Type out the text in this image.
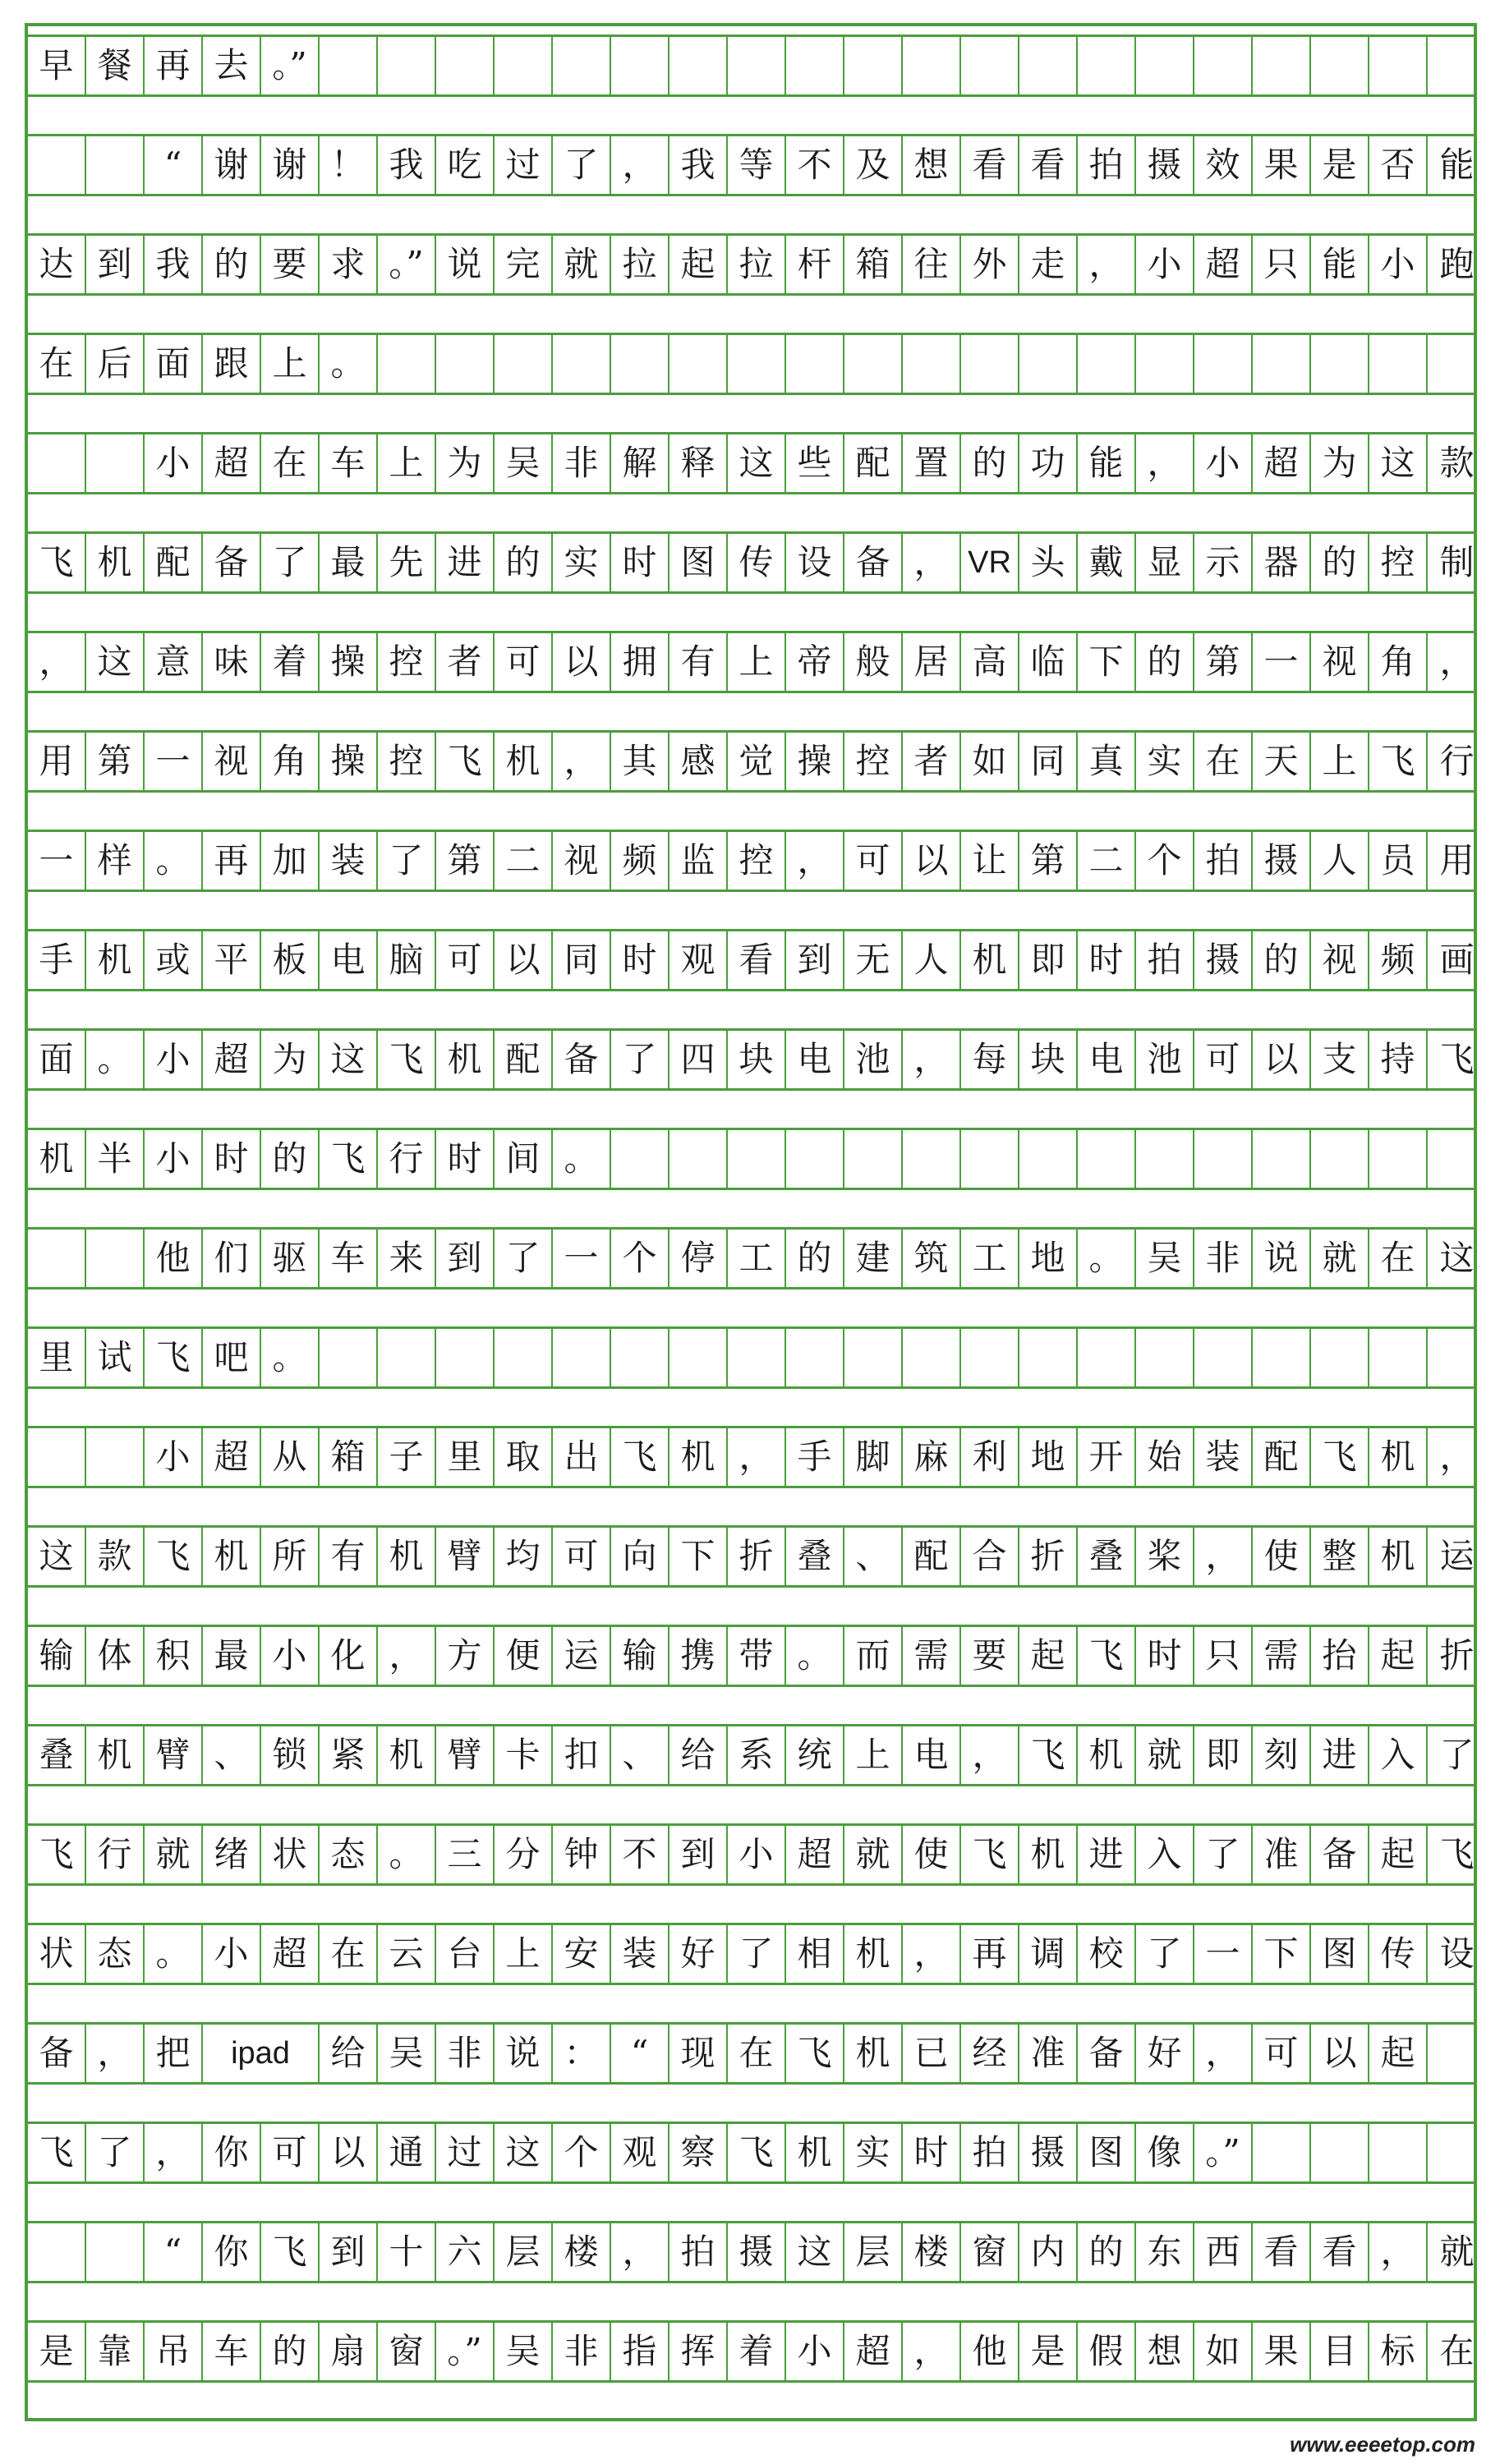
早 餐 再 去 。”
“ 谢 谢 ！ 我 吃 过 了 ， 我 等 不 及 想 看 看 拍 摄 效 果 是 否 能
达 到 我 的 要 求 。” 说 完 就 拉 起 拉 杆 箱 往 外 走 ， 小 超 只 能 小 跑
在 后 面 跟 上 。
小 超 在 车 上 为 吴 非 解 释 这 些 配 置 的 功 能 ， 小 超 为 这 款
飞 机 配 备 了 最 先 进 的 实 时 图 传 设 备 ， VR 头 戴 显 示 器 的 控 制
， 这 意 味 着 操 控 者 可 以 拥 有 上 帝 般 居 高 临 下 的 第 一 视 角 ，
用 第 一 视 角 操 控 飞 机 ， 其 感 觉 操 控 者 如 同 真 实 在 天 上 飞 行
一 样 。 再 加 装 了 第 二 视 频 监 控 ， 可 以 让 第 二 个 拍 摄 人 员 用
手 机 或 平 板 电 脑 可 以 同 时 观 看 到 无 人 机 即 时 拍 摄 的 视 频 画
面 。 小 超 为 这 飞 机 配 备 了 四 块 电 池 ， 每 块 电 池 可 以 支 持 飞
机 半 小 时 的 飞 行 时 间 。
他 们 驱 车 来 到 了 一 个 停 工 的 建 筑 工 地 。 吴 非 说 就 在 这
里 试 飞 吧 。
小 超 从 箱 子 里 取 出 飞 机 ， 手 脚 麻 利 地 开 始 装 配 飞 机 ，
这 款 飞 机 所 有 机 臂 均 可 向 下 折 叠 、 配 合 折 叠 桨 ， 使 整 机 运
输 体 积 最 小 化 ， 方 便 运 输 携 带 。 而 需 要 起 飞 时 只 需 抬 起 折
叠 机 臂 、 锁 紧 机 臂 卡 扣 、 给 系 统 上 电 ， 飞 机 就 即 刻 进 入 了
飞 行 就 绪 状 态 。 三 分 钟 不 到 小 超 就 使 飞 机 进 入 了 准 备 起 飞
状 态 。 小 超 在 云 台 上 安 装 好 了 相 机 ， 再 调 校 了 一 下 图 传 设
备 ， 把	ipad	给 吴 非 说 ： “ 现 在 飞 机 已 经 准 备 好 ， 可 以 起
飞 了 ， 你 可 以 通 过 这 个 观 察 飞 机 实 时 拍 摄 图 像 。”
“ 你 飞 到 十 六 层 楼 ， 拍 摄 这 层 楼 窗 内 的 东 西 看 看 ， 就
是 靠 吊 车 的 扇 窗 。” 吴 非 指 挥 着 小 超 ， 他 是 假 想 如 果 目 标 在
www.eeeetop.com
